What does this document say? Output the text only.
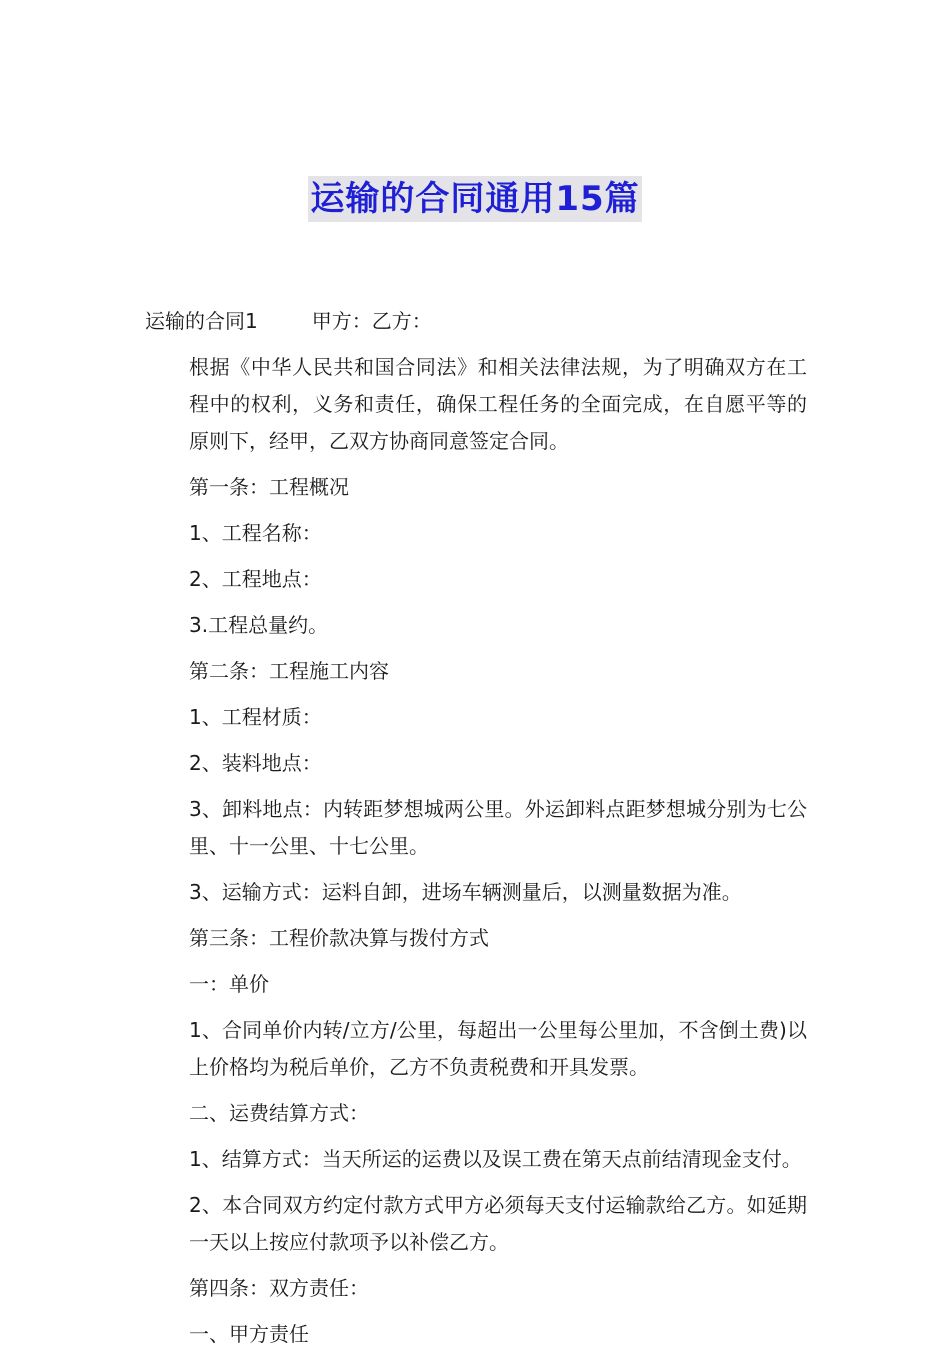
运输的合同通用15篇
运输的合同1	甲方：乙方：
根据《中华人民共和国合同法》和相关法律法规，为了明确双方在工程中的权利，义务和责任，确保工程任务的全面完成，在自愿平等的原则下，经甲，乙双方协商同意签定合同。
第一条：工程概况
1、工程名称：
2、工程地点：
3.工程总量约。
第二条：工程施工内容
1、工程材质：
2、装料地点：
3、卸料地点：内转距梦想城两公里。外运卸料点距梦想城分别为七公里、十一公里、十七公里。
3、运输方式：运料自卸，进场车辆测量后，以测量数据为准。
第三条：工程价款决算与拨付方式
一：单价
1、合同单价内转/立方/公里，每超出一公里每公里加，不含倒土费)以上价格均为税后单价，乙方不负责税费和开具发票。
二、运费结算方式：
1、结算方式：当天所运的运费以及误工费在第天点前结清现金支付。
2、本合同双方约定付款方式甲方必须每天支付运输款给乙方。如延期一天以上按应付款项予以补偿乙方。
第四条：双方责任：
一、甲方责任
